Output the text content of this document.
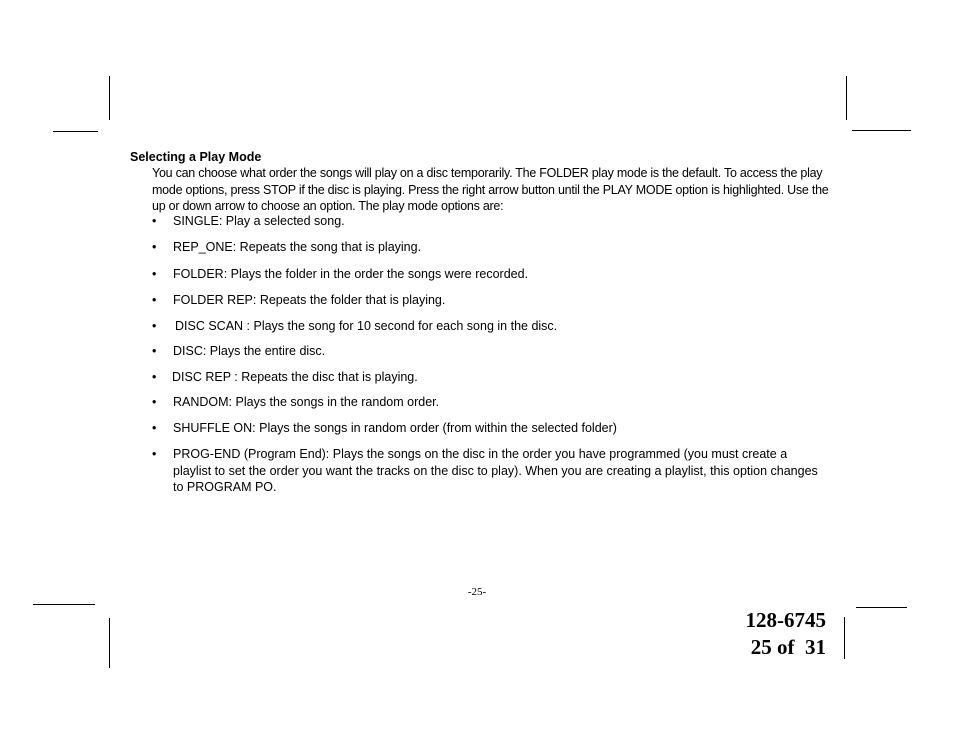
Selecting a Play Mode
You can choose what order the songs will play on a disc temporarily. The FOLDER play mode is the default. To access the play mode options, press STOP if the disc is playing. Press the right arrow button until the PLAY MODE option is highlighted. Use the up or down arrow to choose an option. The play mode options are:
• SINGLE: Play a selected song.
• REP_ONE: Repeats the song that is playing.
• FOLDER: Plays the folder in the order the songs were recorded.
• FOLDER REP: Repeats the folder that is playing.
• DISC SCAN : Plays the song for 10 second for each song in the disc.
• DISC: Plays the entire disc.
• DISC REP : Repeats the disc that is playing.
• RANDOM: Plays the songs in the random order.
• SHUFFLE ON: Plays the songs in random order (from within the selected folder)
• PROG-END (Program End): Plays the songs on the disc in the order you have programmed (you must create a playlist to set the order you want the tracks on the disc to play). When you are creating a playlist, this option changes to PROGRAM PO.
-25-
128-6745
25 of  31
